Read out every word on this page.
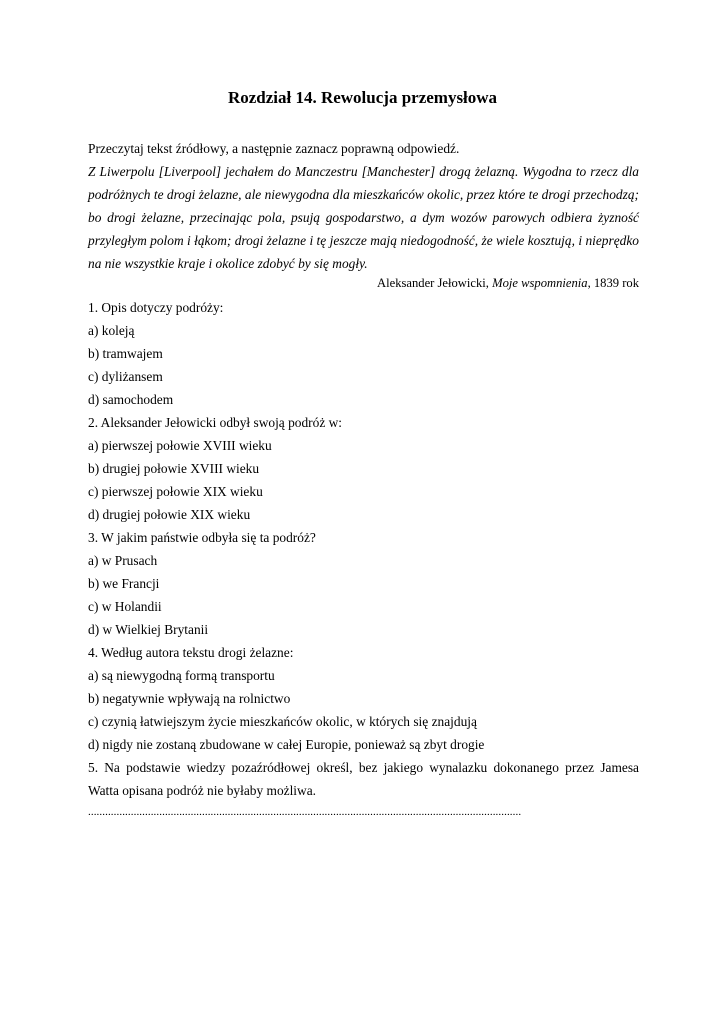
Rozdział 14. Rewolucja przemysłowa
Przeczytaj tekst źródłowy, a następnie zaznacz poprawną odpowiedź.
Z Liwerpolu [Liverpool] jechałem do Manczestru [Manchester] drogą żelazną. Wygodna to rzecz dla podróżnych te drogi żelazne, ale niewygodna dla mieszkańców okolic, przez które te drogi przechodzą; bo drogi żelazne, przecinając pola, psują gospodarstwo, a dym wozów parowych odbiera żyzność przyległym polom i łąkom; drogi żelazne i tę jeszcze mają niedogodność, że wiele kosztują, i nieprędko na nie wszystkie kraje i okolice zdobyć by się mogły.
Aleksander Jełowicki, Moje wspomnienia, 1839 rok
1. Opis dotyczy podróży:
a) koleją
b) tramwajem
c) dyliżansem
d) samochodem
2. Aleksander Jełowicki odbył swoją podróż w:
a) pierwszej połowie XVIII wieku
b) drugiej połowie XVIII wieku
c) pierwszej połowie XIX wieku
d) drugiej połowie XIX wieku
3. W jakim państwie odbyła się ta podróż?
a) w Prusach
b) we Francji
c) w Holandii
d) w Wielkiej Brytanii
4. Według autora tekstu drogi żelazne:
a) są niewygodną formą transportu
b) negatywnie wpływają na rolnictwo
c) czynią łatwiejszym życie mieszkańców okolic, w których się znajdują
d) nigdy nie zostaną zbudowane w całej Europie, ponieważ są zbyt drogie
5. Na podstawie wiedzy pozaźródłowej określ, bez jakiego wynalazku dokonanego przez Jamesa Watta opisana podróż nie byłaby możliwa.
........................................................................................................................................................
